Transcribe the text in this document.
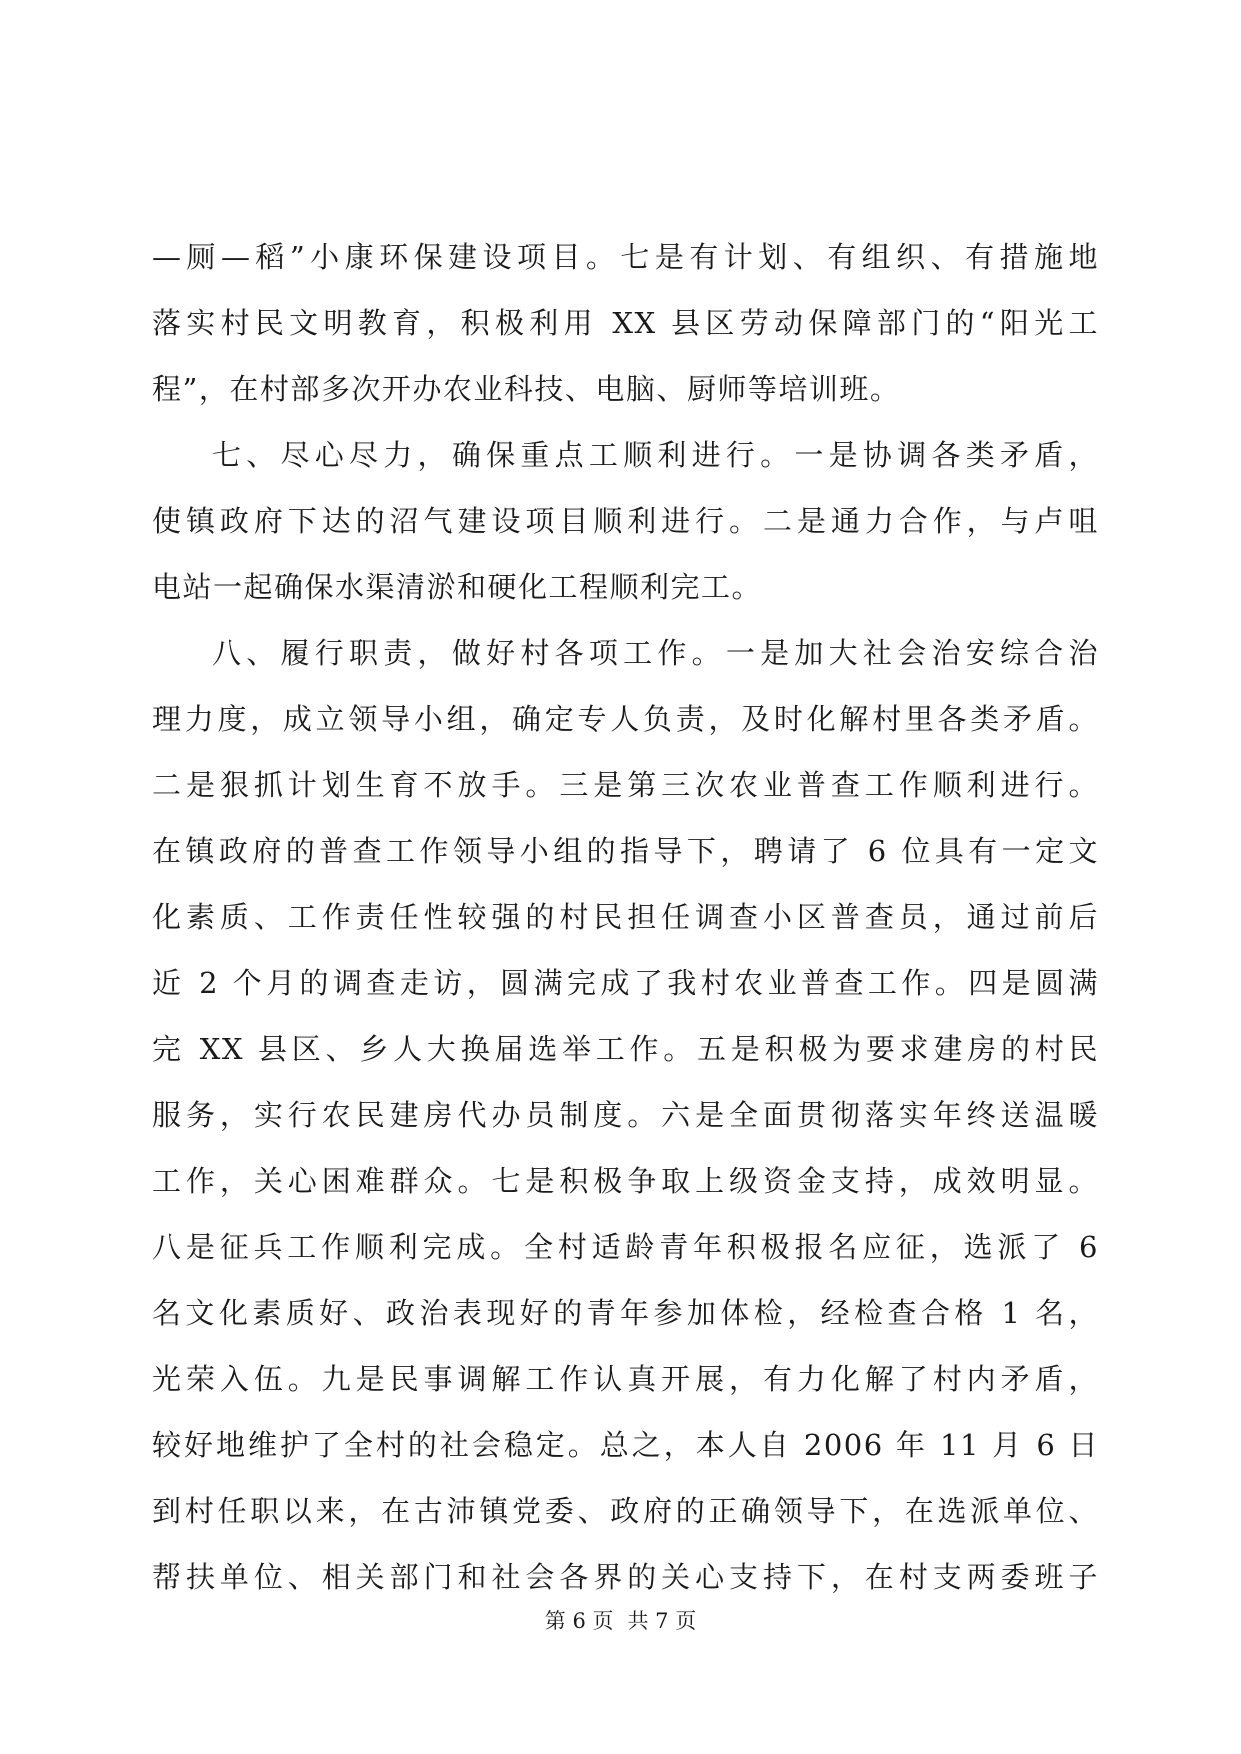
—厕—稻”小康环保建设项目。七是有计划、有组织、有措施地
落实村民文明教育，积极利用 XX 县区劳动保障部门的“阳光工
程”，在村部多次开办农业科技、电脑、厨师等培训班。
七、尽心尽力，确保重点工顺利进行。一是协调各类矛盾，
使镇政府下达的沼气建设项目顺利进行。二是通力合作，与卢咀
电站一起确保水渠清淤和硬化工程顺利完工。
八、履行职责，做好村各项工作。一是加大社会治安综合治
理力度，成立领导小组，确定专人负责，及时化解村里各类矛盾。
二是狠抓计划生育不放手。三是第三次农业普查工作顺利进行。
在镇政府的普查工作领导小组的指导下，聘请了 6 位具有一定文
化素质、工作责任性较强的村民担任调查小区普查员，通过前后
近 2 个月的调查走访，圆满完成了我村农业普查工作。四是圆满
完 XX 县区、乡人大换届选举工作。五是积极为要求建房的村民
服务，实行农民建房代办员制度。六是全面贯彻落实年终送温暖
工作，关心困难群众。七是积极争取上级资金支持，成效明显。
八是征兵工作顺利完成。全村适龄青年积极报名应征，选派了 6
名文化素质好、政治表现好的青年参加体检，经检查合格 1 名，
光荣入伍。九是民事调解工作认真开展，有力化解了村内矛盾，
较好地维护了全村的社会稳定。总之，本人自 2006 年 11 月 6 日
到村任职以来，在古沛镇党委、政府的正确领导下，在选派单位、
帮扶单位、相关部门和社会各界的关心支持下，在村支两委班子
第 6 页 共 7 页
